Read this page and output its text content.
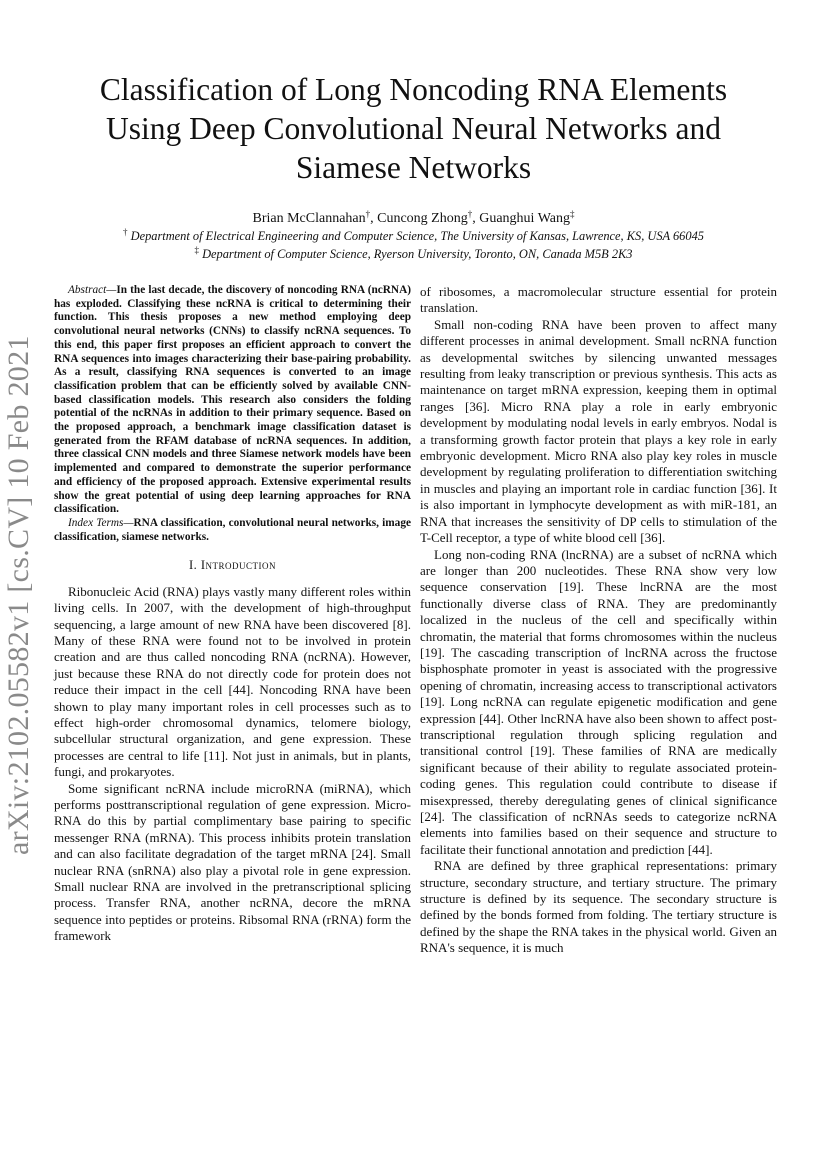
arXiv:2102.05582v1 [cs.CV] 10 Feb 2021
Classification of Long Noncoding RNA Elements Using Deep Convolutional Neural Networks and Siamese Networks
Brian McClannahan†, Cuncong Zhong†, Guanghui Wang‡
† Department of Electrical Engineering and Computer Science, The University of Kansas, Lawrence, KS, USA 66045
‡ Department of Computer Science, Ryerson University, Toronto, ON, Canada M5B 2K3

Abstract—In the last decade, the discovery of noncoding RNA (ncRNA) has exploded. Classifying these ncRNA is critical to determining their function. This thesis proposes a new method employing deep convolutional neural networks (CNNs) to classify ncRNA sequences. To this end, this paper first proposes an efficient approach to convert the RNA sequences into images characterizing their base-pairing probability. As a result, classifying RNA sequences is converted to an image classification problem that can be efficiently solved by available CNN-based classification models. This research also considers the folding potential of the ncRNAs in addition to their primary sequence. Based on the proposed approach, a benchmark image classification dataset is generated from the RFAM database of ncRNA sequences. In addition, three classical CNN models and three Siamese network models have been implemented and compared to demonstrate the superior performance and efficiency of the proposed approach. Extensive experimental results show the great potential of using deep learning approaches for RNA classification.

Index Terms—RNA classification, convolutional neural networks, image classification, siamese networks.

I. Introduction

Ribonucleic Acid (RNA) plays vastly many different roles within living cells. In 2007, with the development of high-throughput sequencing, a large amount of new RNA have been discovered [8]. Many of these RNA were found not to be involved in protein creation and are thus called noncoding RNA (ncRNA). However, just because these RNA do not directly code for protein does not reduce their impact in the cell [44]. Noncoding RNA have been shown to play many important roles in cell processes such as to effect high-order chromosomal dynamics, telomere biology, subcellular structural organization, and gene expression. These processes are central to life [11]. Not just in animals, but in plants, fungi, and prokaryotes.

Some significant ncRNA include microRNA (miRNA), which performs posttranscriptional regulation of gene expression. Micro-RNA do this by partial complimentary base pairing to specific messenger RNA (mRNA). This process inhibits protein translation and can also facilitate degradation of the target mRNA [24]. Small nuclear RNA (snRNA) also play a pivotal role in gene expression. Small nuclear RNA are involved in the pretranscriptional splicing process. Transfer RNA, another ncRNA, decore the mRNA sequence into peptides or proteins. Ribsomal RNA (rRNA) form the framework

of ribosomes, a macromolecular structure essential for protein translation.

Small non-coding RNA have been proven to affect many different processes in animal development. Small ncRNA function as developmental switches by silencing unwanted messages resulting from leaky transcription or previous synthesis. This acts as maintenance on target mRNA expression, keeping them in optimal ranges [36]. Micro RNA play a role in early embryonic development by modulating nodal levels in early embryos. Nodal is a transforming growth factor protein that plays a key role in early embryonic development. Micro RNA also play key roles in muscle development by regulating proliferation to differentiation switching in muscles and playing an important role in cardiac function [36]. It is also important in lymphocyte development as with miR-181, an RNA that increases the sensitivity of DP cells to stimulation of the T-Cell receptor, a type of white blood cell [36].

Long non-coding RNA (lncRNA) are a subset of ncRNA which are longer than 200 nucleotides. These RNA show very low sequence conservation [19]. These lncRNA are the most functionally diverse class of RNA. They are predominantly localized in the nucleus of the cell and specifically within chromatin, the material that forms chromosomes within the nucleus [19]. The cascading transcription of lncRNA across the fructose bisphosphate promoter in yeast is associated with the progressive opening of chromatin, increasing access to transcriptional activators [19]. Long ncRNA can regulate epigenetic modification and gene expression [44]. Other lncRNA have also been shown to affect post-transcriptional regulation through splicing regulation and transitional control [19]. These families of RNA are medically significant because of their ability to regulate associated protein-coding genes. This regulation could contribute to disease if misexpressed, thereby deregulating genes of clinical significance [24]. The classification of ncRNAs seeds to categorize ncRNA elements into families based on their sequence and structure to facilitate their functional annotation and prediction [44].

RNA are defined by three graphical representations: primary structure, secondary structure, and tertiary structure. The primary structure is defined by its sequence. The secondary structure is defined by the bonds formed from folding. The tertiary structure is defined by the shape the RNA takes in the physical world. Given an RNA's sequence, it is much
